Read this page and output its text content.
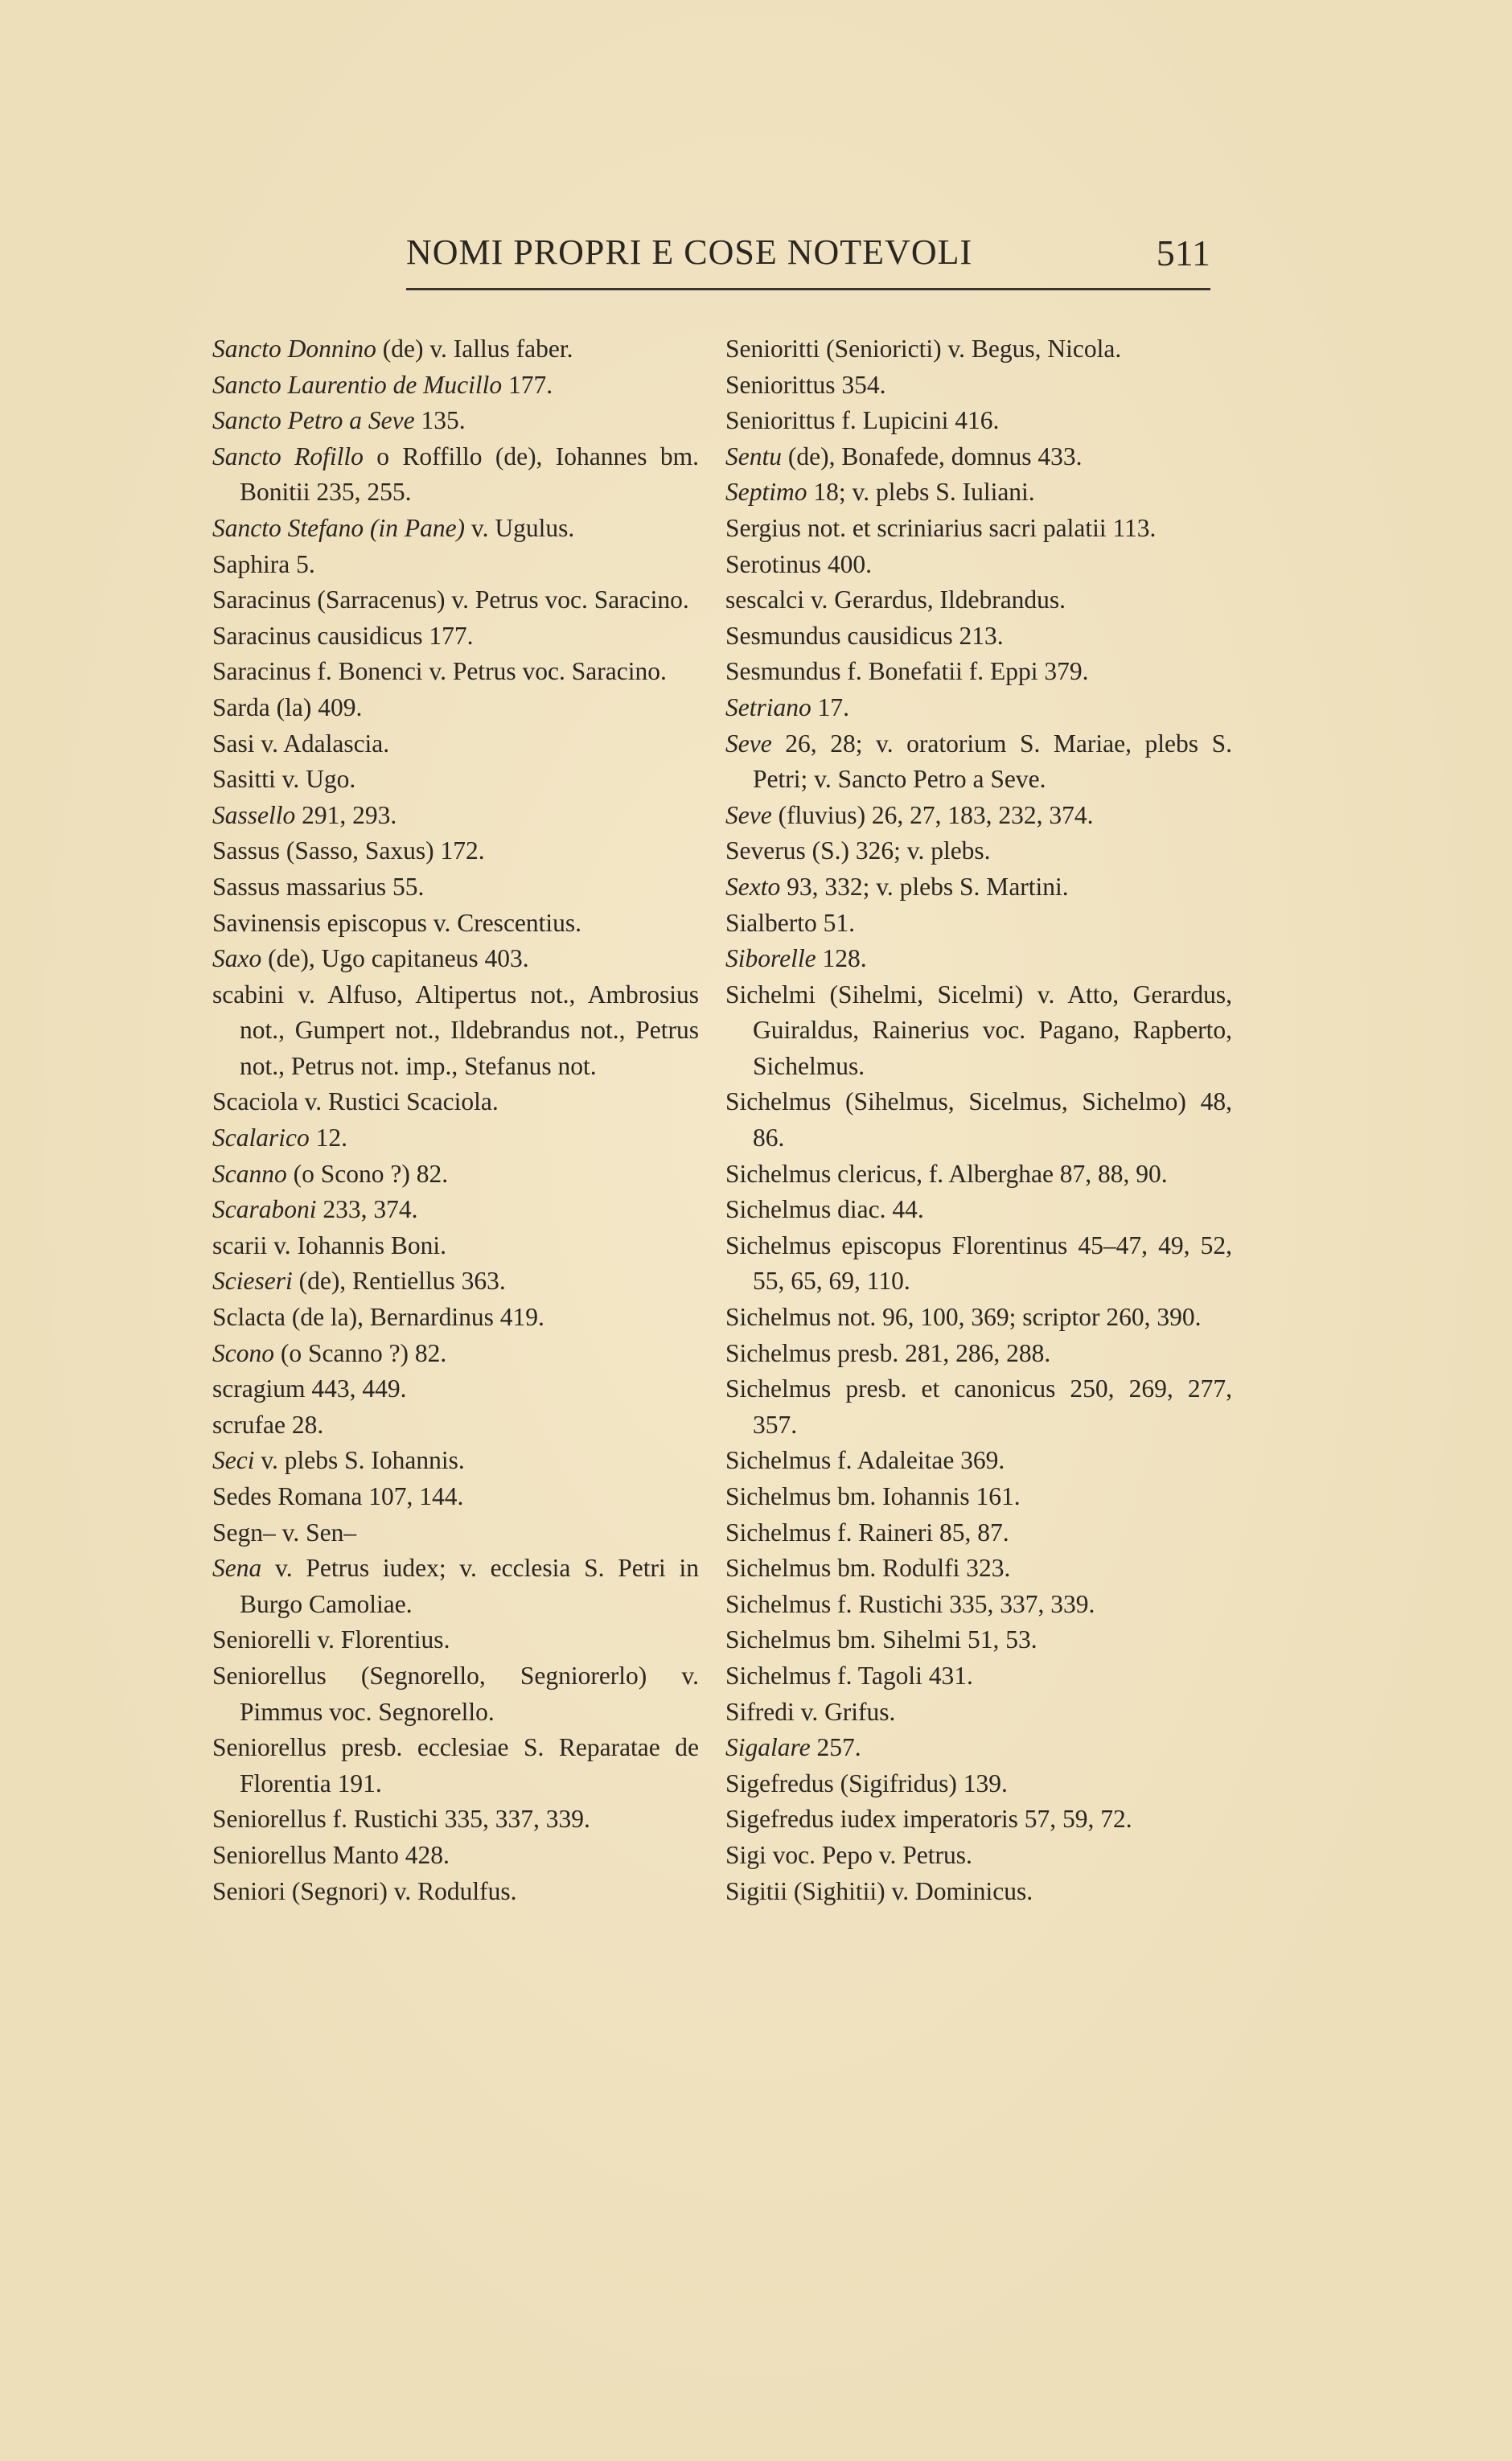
NOMI PROPRI E COSE NOTEVOLI	511
Sancto Donnino (de) v. Iallus faber.
Sancto Laurentio de Mucillo 177.
Sancto Petro a Seve 135.
Sancto Rofillo o Roffillo (de), Iohannes bm. Bonitii 235, 255.
Sancto Stefano (in Pane) v. Ugulus.
Saphira 5.
Saracinus (Sarracenus) v. Petrus voc. Saracino.
Saracinus causidicus 177.
Saracinus f. Bonenci v. Petrus voc. Saracino.
Sarda (la) 409.
Sasi v. Adalascia.
Sasitti v. Ugo.
Sassello 291, 293.
Sassus (Sasso, Saxus) 172.
Sassus massarius 55.
Savinensis episcopus v. Crescentius.
Saxo (de), Ugo capitaneus 403.
scabini v. Alfuso, Altipertus not., Ambrosius not., Gumpert not., Ildebrandus not., Petrus not., Petrus not. imp., Stefanus not.
Scaciola v. Rustici Scaciola.
Scalarico 12.
Scanno (o Scono ?) 82.
Scaraboni 233, 374.
scarii v. Iohannis Boni.
Scieseri (de), Rentiellus 363.
Sclacta (de la), Bernardinus 419.
Scono (o Scanno ?) 82.
scragium 443, 449.
scrufae 28.
Seci v. plebs S. Iohannis.
Sedes Romana 107, 144.
Segn– v. Sen–
Sena v. Petrus iudex; v. ecclesia S. Petri in Burgo Camoliae.
Seniorelli v. Florentius.
Seniorellus (Segnorello, Segniorerlo) v. Pimmus voc. Segnorello.
Seniorellus presb. ecclesiae S. Reparatae de Florentia 191.
Seniorellus f. Rustichi 335, 337, 339.
Seniorellus Manto 428.
Seniori (Segnori) v. Rodulfus.
Senioritti (Senioricti) v. Begus, Nicola.
Seniorittus 354.
Seniorittus f. Lupicini 416.
Sentu (de), Bonafede, domnus 433.
Septimo 18; v. plebs S. Iuliani.
Sergius not. et scriniarius sacri palatii 113.
Serotinus 400.
sescalci v. Gerardus, Ildebrandus.
Sesmundus causidicus 213.
Sesmundus f. Bonefatii f. Eppi 379.
Setriano 17.
Seve 26, 28; v. oratorium S. Mariae, plebs S. Petri; v. Sancto Petro a Seve.
Seve (fluvius) 26, 27, 183, 232, 374.
Severus (S.) 326; v. plebs.
Sexto 93, 332; v. plebs S. Martini.
Sialberto 51.
Siborelle 128.
Sichelmi (Sihelmi, Sicelmi) v. Atto, Gerardus, Guiraldus, Rainerius voc. Pagano, Rapberto, Sichelmus.
Sichelmus (Sihelmus, Sicelmus, Sichelmo) 48, 86.
Sichelmus clericus, f. Alberghae 87, 88, 90.
Sichelmus diac. 44.
Sichelmus episcopus Florentinus 45–47, 49, 52, 55, 65, 69, 110.
Sichelmus not. 96, 100, 369; scriptor 260, 390.
Sichelmus presb. 281, 286, 288.
Sichelmus presb. et canonicus 250, 269, 277, 357.
Sichelmus f. Adaleitae 369.
Sichelmus bm. Iohannis 161.
Sichelmus f. Raineri 85, 87.
Sichelmus bm. Rodulfi 323.
Sichelmus f. Rustichi 335, 337, 339.
Sichelmus bm. Sihelmi 51, 53.
Sichelmus f. Tagoli 431.
Sifredi v. Grifus.
Sigalare 257.
Sigefredus (Sigifridus) 139.
Sigefredus iudex imperatoris 57, 59, 72.
Sigi voc. Pepo v. Petrus.
Sigitii (Sighitii) v. Dominicus.
